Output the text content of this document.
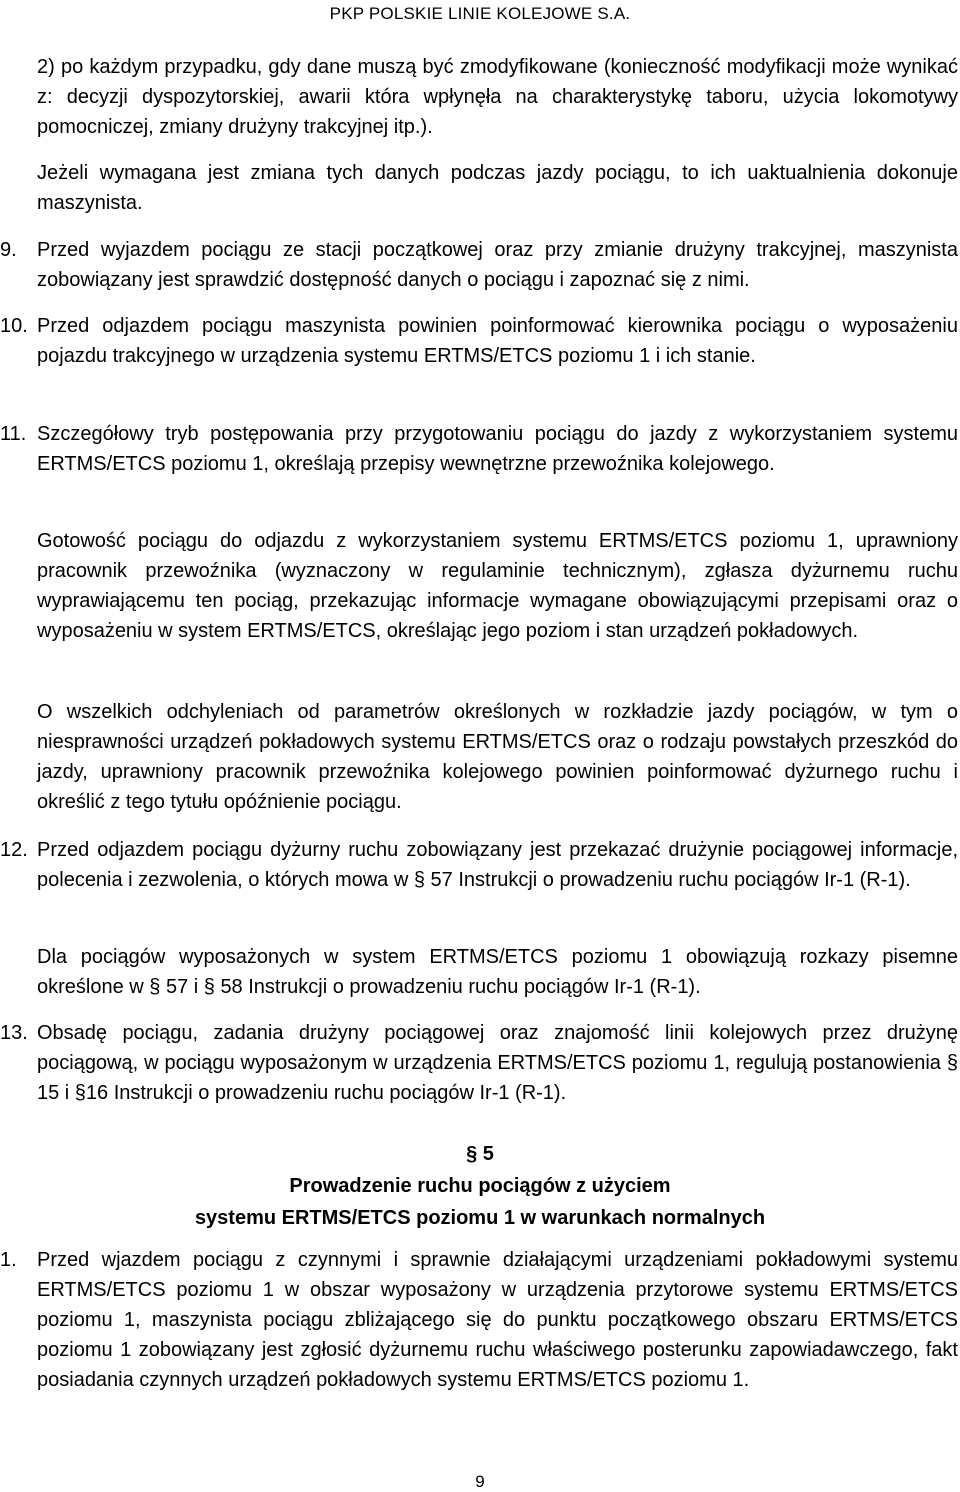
PKP POLSKIE LINIE KOLEJOWE S.A.
2) po każdym przypadku, gdy dane muszą być zmodyfikowane (konieczność modyfikacji może wynikać z: decyzji dyspozytorskiej, awarii która wpłynęła na charakterystykę taboru, użycia lokomotywy pomocniczej, zmiany drużyny trakcyjnej itp.).
Jeżeli wymagana jest zmiana tych danych podczas jazdy pociągu, to ich uaktualnienia dokonuje maszynista.
9.	Przed wyjazdem pociągu ze stacji początkowej oraz przy zmianie drużyny trakcyjnej, maszynista zobowiązany jest sprawdzić dostępność danych o pociągu i zapoznać się z nimi.
10. Przed odjazdem pociągu maszynista powinien poinformować kierownika pociągu o wyposażeniu pojazdu trakcyjnego w urządzenia systemu ERTMS/ETCS poziomu 1 i ich stanie.
11. Szczegółowy tryb postępowania przy przygotowaniu pociągu do jazdy z wykorzystaniem systemu ERTMS/ETCS poziomu 1, określają przepisy wewnętrzne przewoźnika kolejowego.
Gotowość pociągu do odjazdu z wykorzystaniem systemu ERTMS/ETCS poziomu 1, uprawniony pracownik przewoźnika (wyznaczony w regulaminie technicznym), zgłasza dyżurnemu ruchu wyprawiającemu ten pociąg, przekazując informacje wymagane obowiązującymi przepisami oraz o wyposażeniu w system ERTMS/ETCS, określając jego poziom i stan urządzeń pokładowych.
O wszelkich odchyleniach od parametrów określonych w rozkładzie jazdy pociągów, w tym o niesprawności urządzeń pokładowych systemu ERTMS/ETCS oraz o rodzaju powstałych przeszkód do jazdy, uprawniony pracownik przewoźnika kolejowego powinien poinformować dyżurnego ruchu i określić z tego tytułu opóźnienie pociągu.
12. Przed odjazdem pociągu dyżurny ruchu zobowiązany jest przekazać drużynie pociągowej informacje, polecenia i zezwolenia, o których mowa w § 57 Instrukcji o prowadzeniu ruchu pociągów Ir-1 (R-1).
Dla pociągów wyposażonych w system ERTMS/ETCS poziomu 1 obowiązują rozkazy pisemne określone w § 57 i § 58 Instrukcji o prowadzeniu ruchu pociągów Ir-1 (R-1).
13. Obsadę pociągu, zadania drużyny pociągowej oraz znajomość linii kolejowych przez drużynę pociągową, w pociągu wyposażonym w urządzenia ERTMS/ETCS poziomu 1, regulują postanowienia § 15 i §16 Instrukcji o prowadzeniu ruchu pociągów Ir-1 (R-1).
§ 5
Prowadzenie ruchu pociągów z użyciem
systemu ERTMS/ETCS poziomu 1 w warunkach normalnych
1.	Przed wjazdem pociągu z czynnymi i sprawnie działającymi urządzeniami pokładowymi systemu ERTMS/ETCS poziomu 1 w obszar wyposażony w urządzenia przytorowe systemu ERTMS/ETCS poziomu 1, maszynista pociągu zbliżającego się do punktu początkowego obszaru ERTMS/ETCS poziomu 1 zobowiązany jest zgłosić dyżurnemu ruchu właściwego posterunku zapowiadawczego, fakt posiadania czynnych urządzeń pokładowych systemu ERTMS/ETCS poziomu 1.
9
